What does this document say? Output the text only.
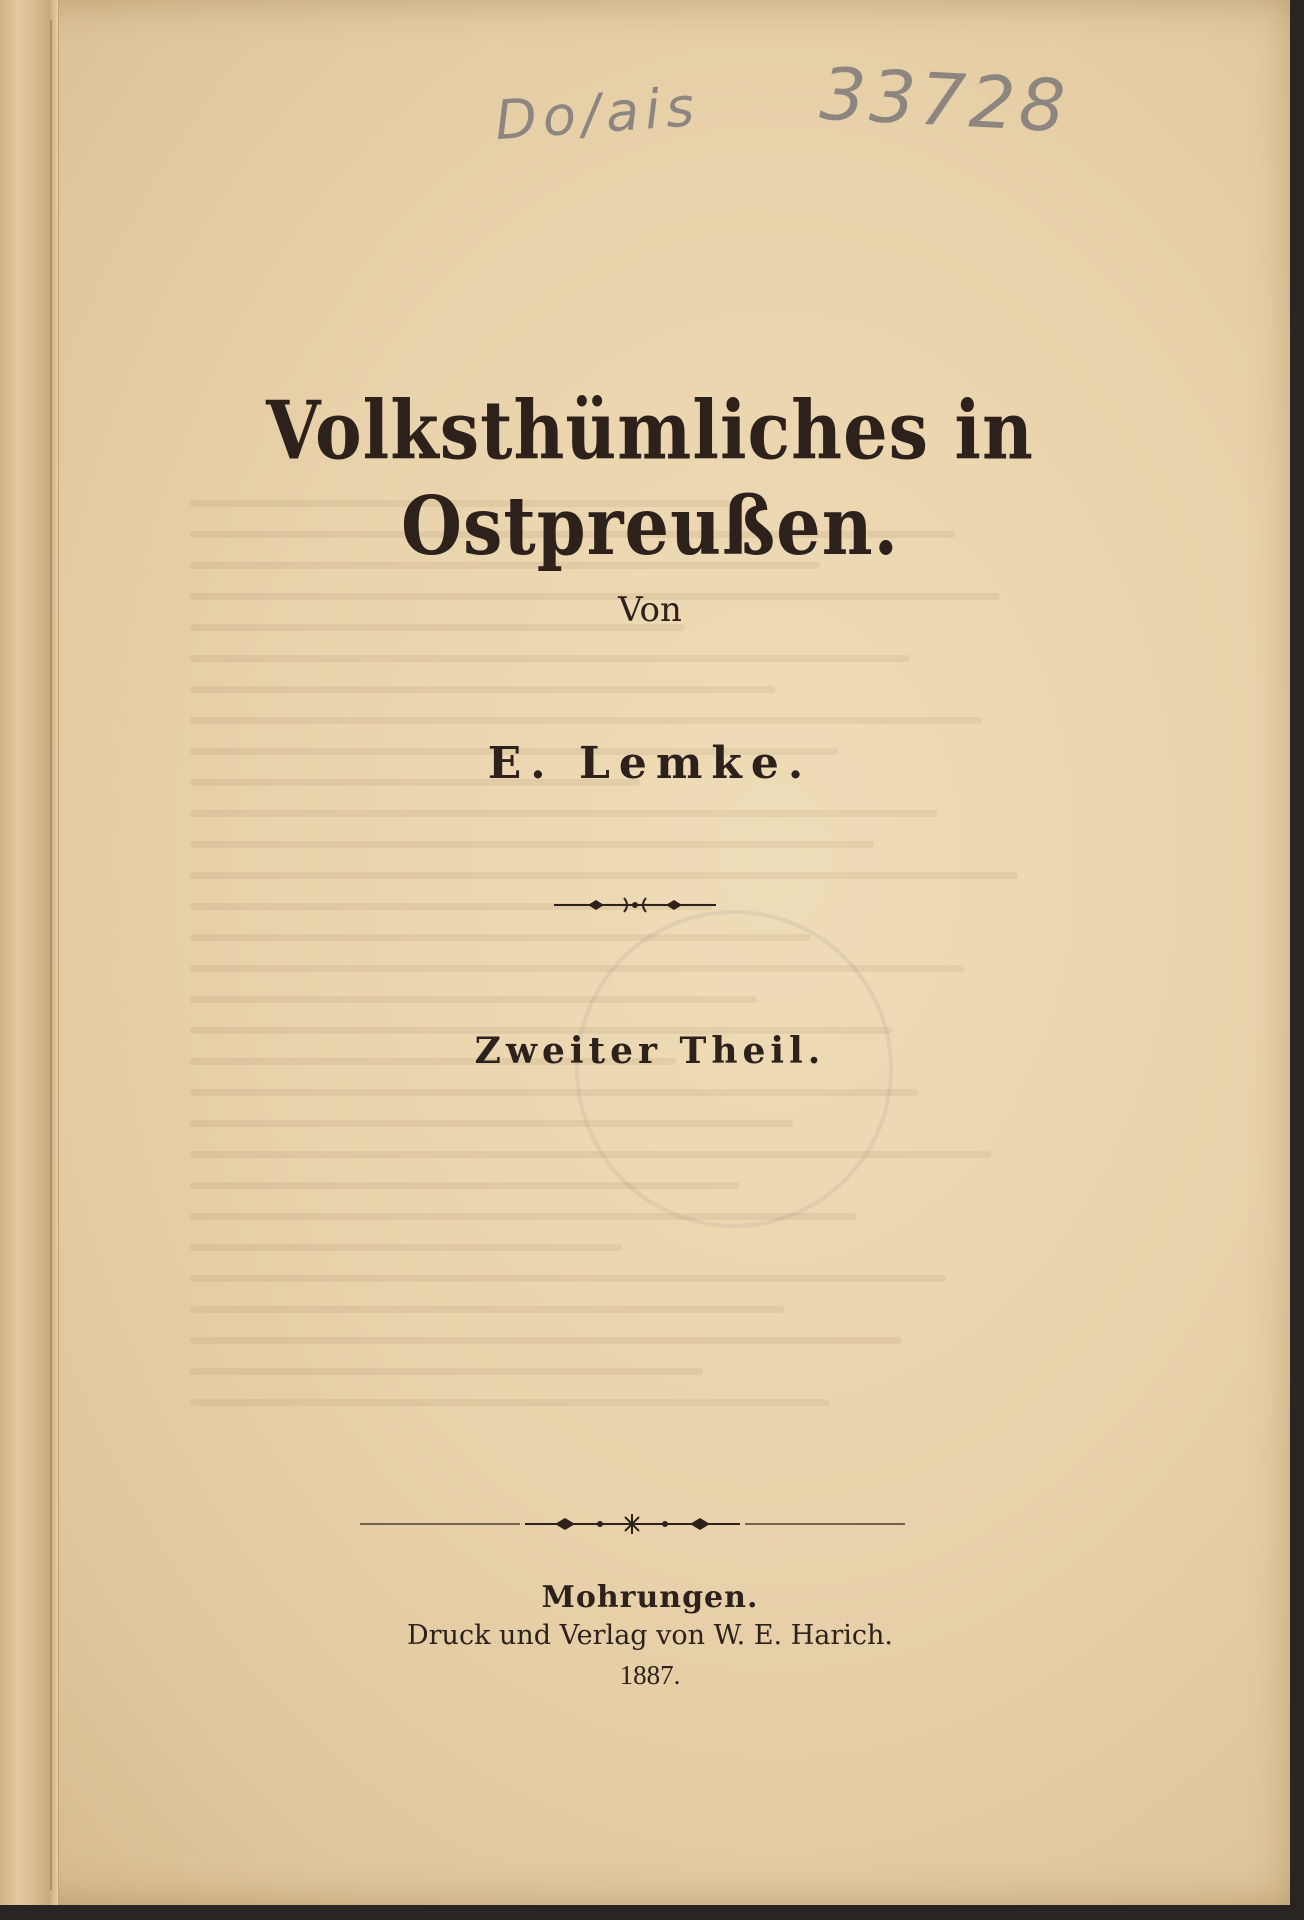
Do/ais 33728
Volksthümliches in Ostpreußen.
Von
E. Lemke.
Zweiter Theil.
Mohrungen.
Druck und Verlag von W. E. Harich.
1887.
